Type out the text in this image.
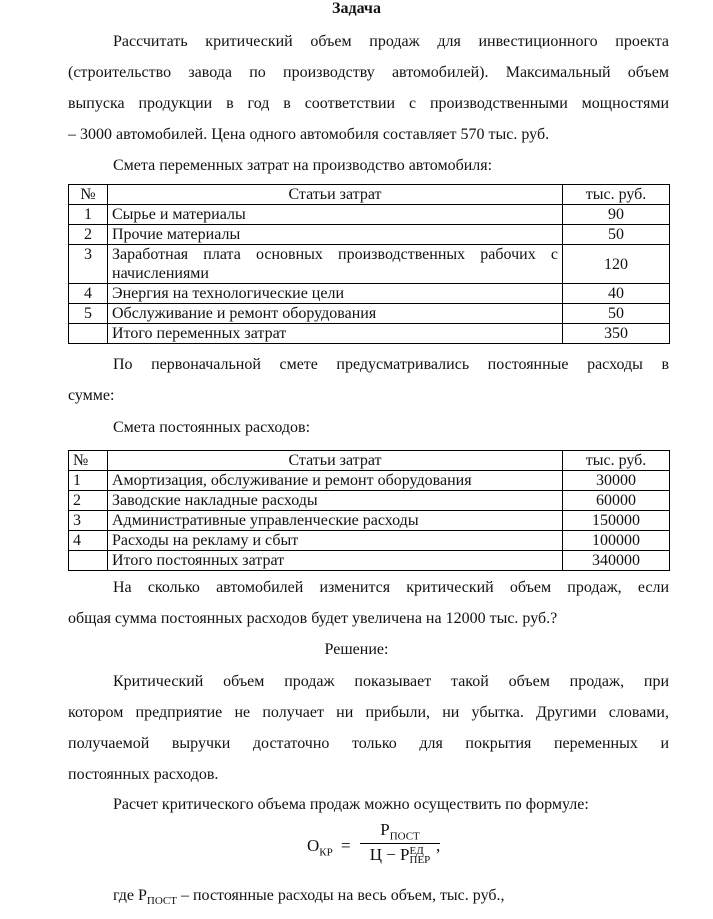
Задача
Рассчитать критический объем продаж для инвестиционного проекта
(строительство завода по производству автомобилей). Максимальный объем
выпуска продукции в год в соответствии с производственными мощностями
– 3000 автомобилей. Цена одного автомобиля составляет 570 тыс. руб.
Смета переменных затрат на производство автомобиля:
№	Статьи затрат	тыс. руб.
1	Сырье и материалы	90
2	Прочие материалы	50
3	Заработная плата основных производственных рабочих с начислениями	120
4	Энергия на технологические цели	40
5	Обслуживание и ремонт оборудования	50
	Итого переменных затрат	350
По первоначальной смете предусматривались постоянные расходы в
сумме:
Смета постоянных расходов:
№	Статьи затрат	тыс. руб.
1	Амортизация, обслуживание и ремонт оборудования	30000
2	Заводские накладные расходы	60000
3	Административные управленческие расходы	150000
4	Расходы на рекламу и сбыт	100000
	Итого постоянных затрат	340000
На сколько автомобилей изменится критический объем продаж, если
общая сумма постоянных расходов будет увеличена на 12000 тыс. руб.?
Решение:
Критический объем продаж показывает такой объем продаж, при
котором предприятие не получает ни прибыли, ни убытка. Другими словами,
получаемой выручки достаточно только для покрытия переменных и
постоянных расходов.
Расчет критического объема продаж можно осуществить по формуле:
$О_{КР}$ =
$Р_{ПОСТ}$
Ц − Р ЕД
ПЕР
,
где $Р_{ПОСТ}$ – постоянные расходы на весь объем, тыс. руб.,
